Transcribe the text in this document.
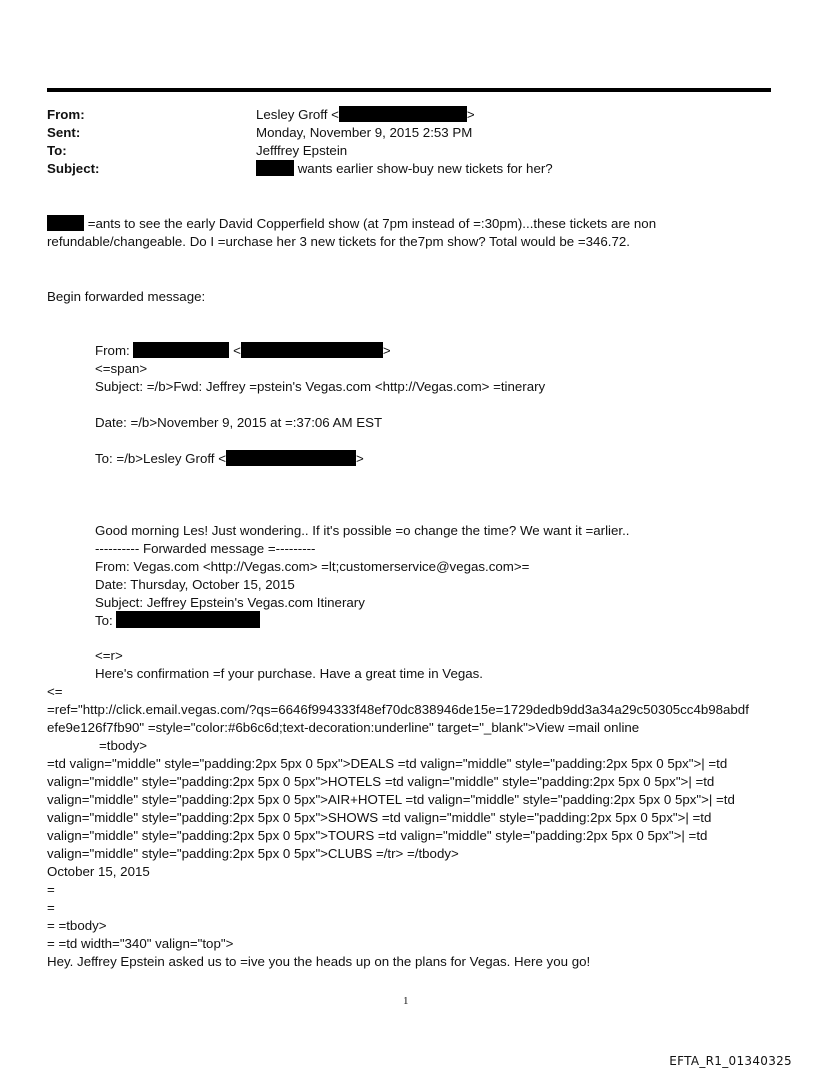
From:	Lesley Groff <	>
Sent:	Monday, November 9, 2015 2:53 PM
To:	Jefffrey Epstein
Subject:	wants earlier show-buy new tickets for her?
=ants to see the early David Copperfield show (at 7pm instead of =:30pm)...these tickets are non
refundable/changeable. Do I =urchase her 3 new tickets for the7pm show? Total would be =346.72.
Begin forwarded message:
From:	<	>
<=span>
Subject: =/b>Fwd: Jeffrey =pstein's Vegas.com <http://Vegas.com> =tinerary
Date: =/b>November 9, 2015 at =:37:06 AM EST
To: =/b>Lesley Groff <	>
Good morning Les! Just wondering.. If it's possible =o change the time? We want it =arlier..
---------- Forwarded message =---------
From: Vegas.com <http://Vegas.com> =lt;customerservice@vegas.com>=
Date: Thursday, October 15, 2015
Subject: Jeffrey Epstein's Vegas.com Itinerary
To:
<=r>
Here's confirmation =f your purchase. Have a great time in Vegas.
<=
=ref="http://click.email.vegas.com/?qs=6646f994333f48ef70dc838946de15e=1729dedb9dd3a34a29c50305cc4b98abdf
efe9e126f7fb90" =style="color:#6b6c6d;text-decoration:underline" target="_blank">View =mail online
=tbody>
=td valign="middle" style="padding:2px 5px 0 5px">DEALS =td valign="middle" style="padding:2px 5px 0 5px">| =td
valign="middle" style="padding:2px 5px 0 5px">HOTELS =td valign="middle" style="padding:2px 5px 0 5px">| =td
valign="middle" style="padding:2px 5px 0 5px">AIR+HOTEL =td valign="middle" style="padding:2px 5px 0 5px">| =td
valign="middle" style="padding:2px 5px 0 5px">SHOWS =td valign="middle" style="padding:2px 5px 0 5px">| =td
valign="middle" style="padding:2px 5px 0 5px">TOURS =td valign="middle" style="padding:2px 5px 0 5px">| =td
valign="middle" style="padding:2px 5px 0 5px">CLUBS =/tr> =/tbody>
October 15, 2015
=
=
= =tbody>
= =td width="340" valign="top">
Hey. Jeffrey Epstein asked us to =ive you the heads up on the plans for Vegas. Here you go!
1
EFTA_R1_01340325
